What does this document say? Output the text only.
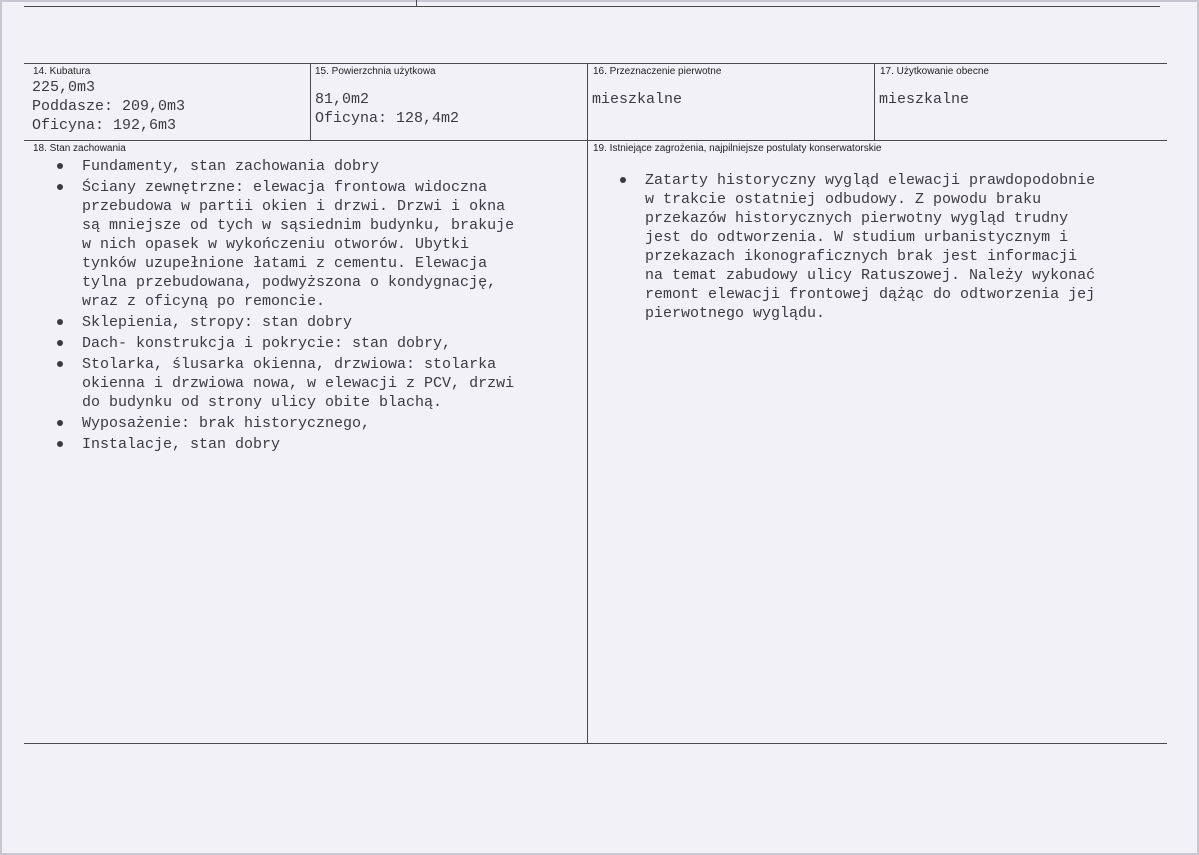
14. Kubatura
225,0m3
Poddasze: 209,0m3
Oficyna: 192,6m3
15. Powierzchnia użytkowa
81,0m2
Oficyna: 128,4m2
16. Przeznaczenie pierwotne
mieszkalne
17. Użytkowanie obecne
mieszkalne
18. Stan zachowania
Fundamenty, stan zachowania dobry
Ściany zewnętrzne: elewacja frontowa widoczna
przebudowa w partii okien i drzwi. Drzwi i okna
są mniejsze od tych w sąsiednim budynku, brakuje
w nich opasek w wykończeniu otworów. Ubytki
tynków uzupełnione łatami z cementu. Elewacja
tylna przebudowana, podwyższona o kondygnację,
wraz z oficyną po remoncie.
Sklepienia, stropy: stan dobry
Dach- konstrukcja i pokrycie: stan dobry,
Stolarka, ślusarka okienna, drzwiowa: stolarka
okienna i drzwiowa nowa, w elewacji z PCV, drzwi
do budynku od strony ulicy obite blachą.
Wyposażenie: brak historycznego,
Instalacje, stan dobry
19. Istniejące zagrożenia, najpilniejsze postulaty konserwatorskie
Zatarty historyczny wygląd elewacji prawdopodobnie
w trakcie ostatniej odbudowy. Z powodu braku
przekazów historycznych pierwotny wygląd trudny
jest do odtworzenia. W studium urbanistycznym i
przekazach ikonograficznych brak jest informacji
na temat zabudowy ulicy Ratuszowej. Należy wykonać
remont elewacji frontowej dążąc do odtworzenia jej
pierwotnego wyglądu.
